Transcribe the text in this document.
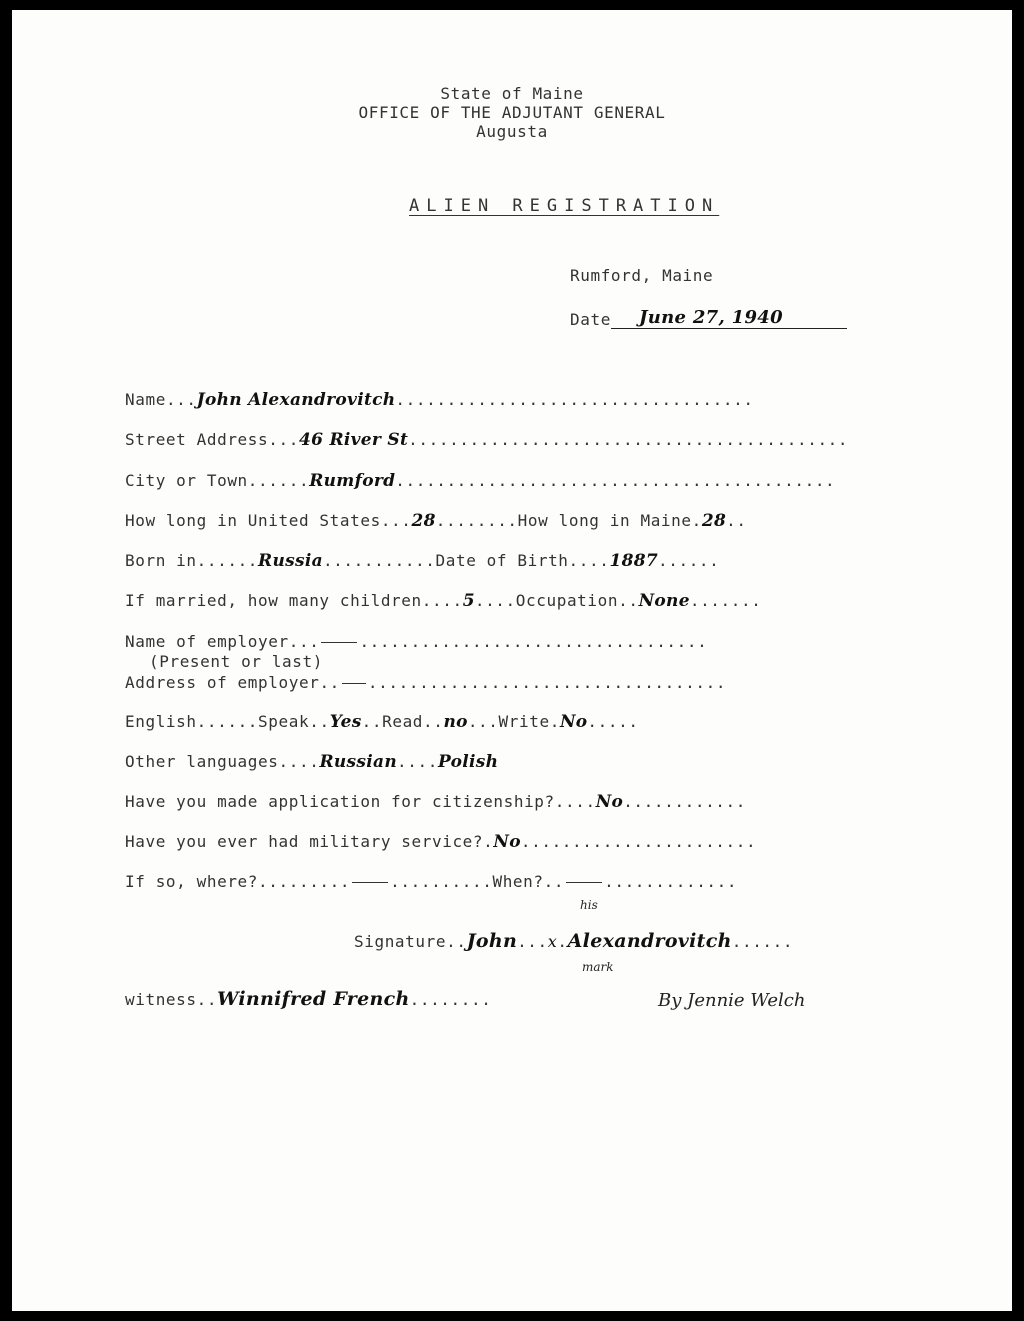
State of Maine
OFFICE OF THE ADJUTANT GENERAL
Augusta
ALIEN REGISTRATION
Rumford, Maine
Date June 27, 1940
Name...John Alexandrovitch...................................
Street Address...46 River St...........................................
City or Town......Rumford...........................................
How long in United States...28........How long in Maine.28..
Born in......Russia...........Date of Birth....1887......
If married, how many children....5....Occupation..None.......
Name of employer...	..................................
(Present or last)
Address of employer.. ...................................
English......Speak..Yes..Read..no...Write.No.....
Other languages....Russian....Polish
Have you made application for citizenship?....No............
Have you ever had military service?.No.......................
If so, where?.........	..........When?..	.............
his
Signature..John...x.Alexandrovitch......
mark
witness..Winnifred French........	By Jennie Welch
